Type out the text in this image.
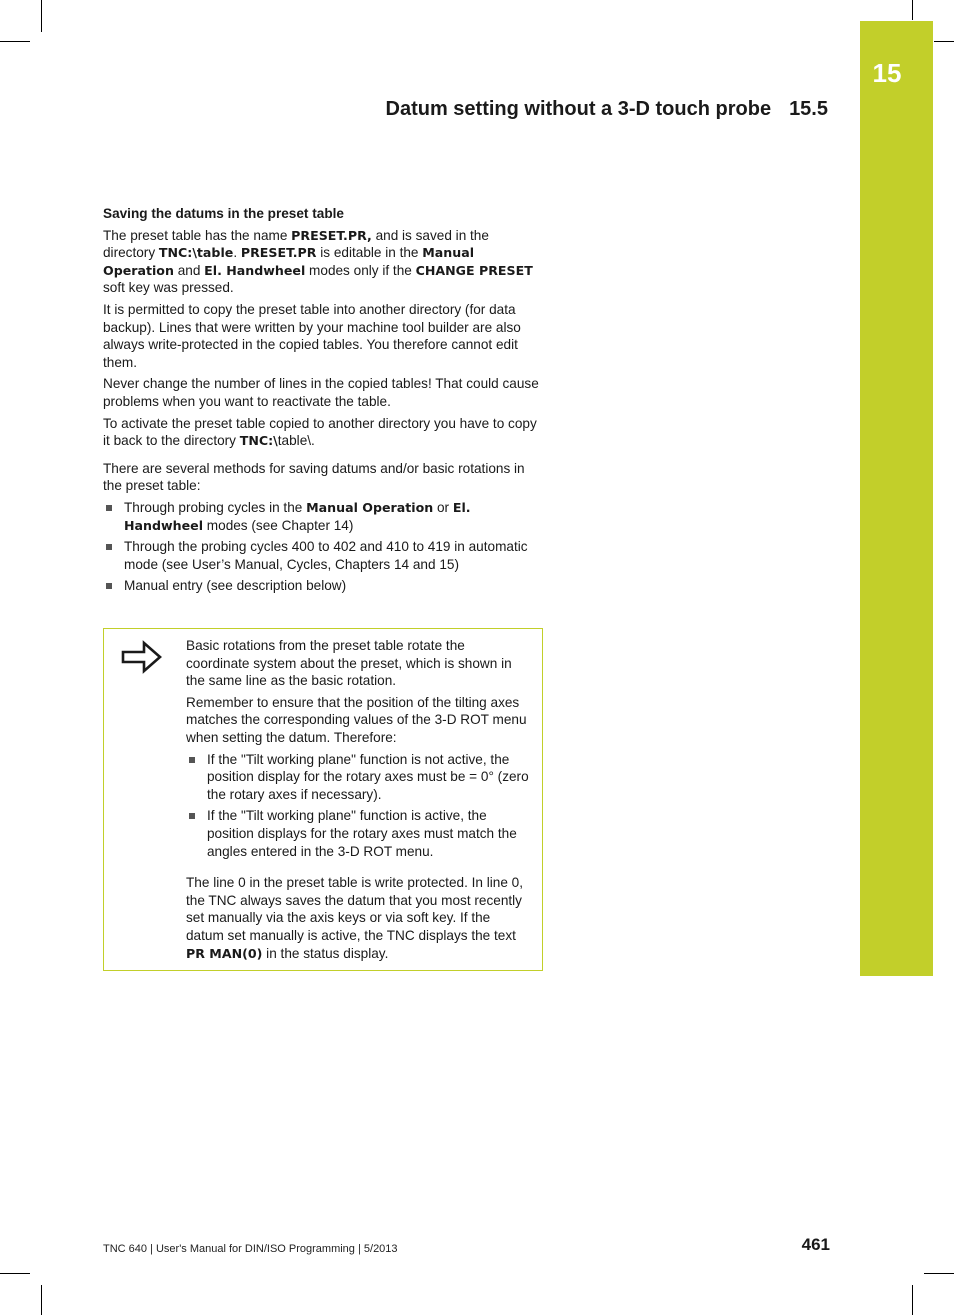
15
Datum setting without a 3-D touch probe 15.5
Saving the datums in the preset table

The preset table has the name PRESET.PR, and is saved in the directory TNC:\table. PRESET.PR is editable in the Manual Operation and El. Handwheel modes only if the CHANGE PRESET soft key was pressed.

It is permitted to copy the preset table into another directory (for data backup). Lines that were written by your machine tool builder are also always write-protected in the copied tables. You therefore cannot edit them.

Never change the number of lines in the copied tables! That could cause problems when you want to reactivate the table.

To activate the preset table copied to another directory you have to copy it back to the directory TNC:\table\.

There are several methods for saving datums and/or basic rotations in the preset table:

Through probing cycles in the Manual Operation or El. Handwheel modes (see Chapter 14)
Through the probing cycles 400 to 402 and 410 to 419 in automatic mode (see User’s Manual, Cycles, Chapters 14 and 15)
Manual entry (see description below)

Basic rotations from the preset table rotate the coordinate system about the preset, which is shown in the same line as the basic rotation.

Remember to ensure that the position of the tilting axes matches the corresponding values of the 3-D ROT menu when setting the datum. Therefore:

If the "Tilt working plane" function is not active, the position display for the rotary axes must be = 0° (zero the rotary axes if necessary).
If the "Tilt working plane" function is active, the position displays for the rotary axes must match the angles entered in the 3-D ROT menu.

The line 0 in the preset table is write protected. In line 0, the TNC always saves the datum that you most recently set manually via the axis keys or via soft key. If the datum set manually is active, the TNC displays the text PR MAN(0) in the status display.

TNC 640 | User's Manual for DIN/ISO Programming | 5/2013	461
